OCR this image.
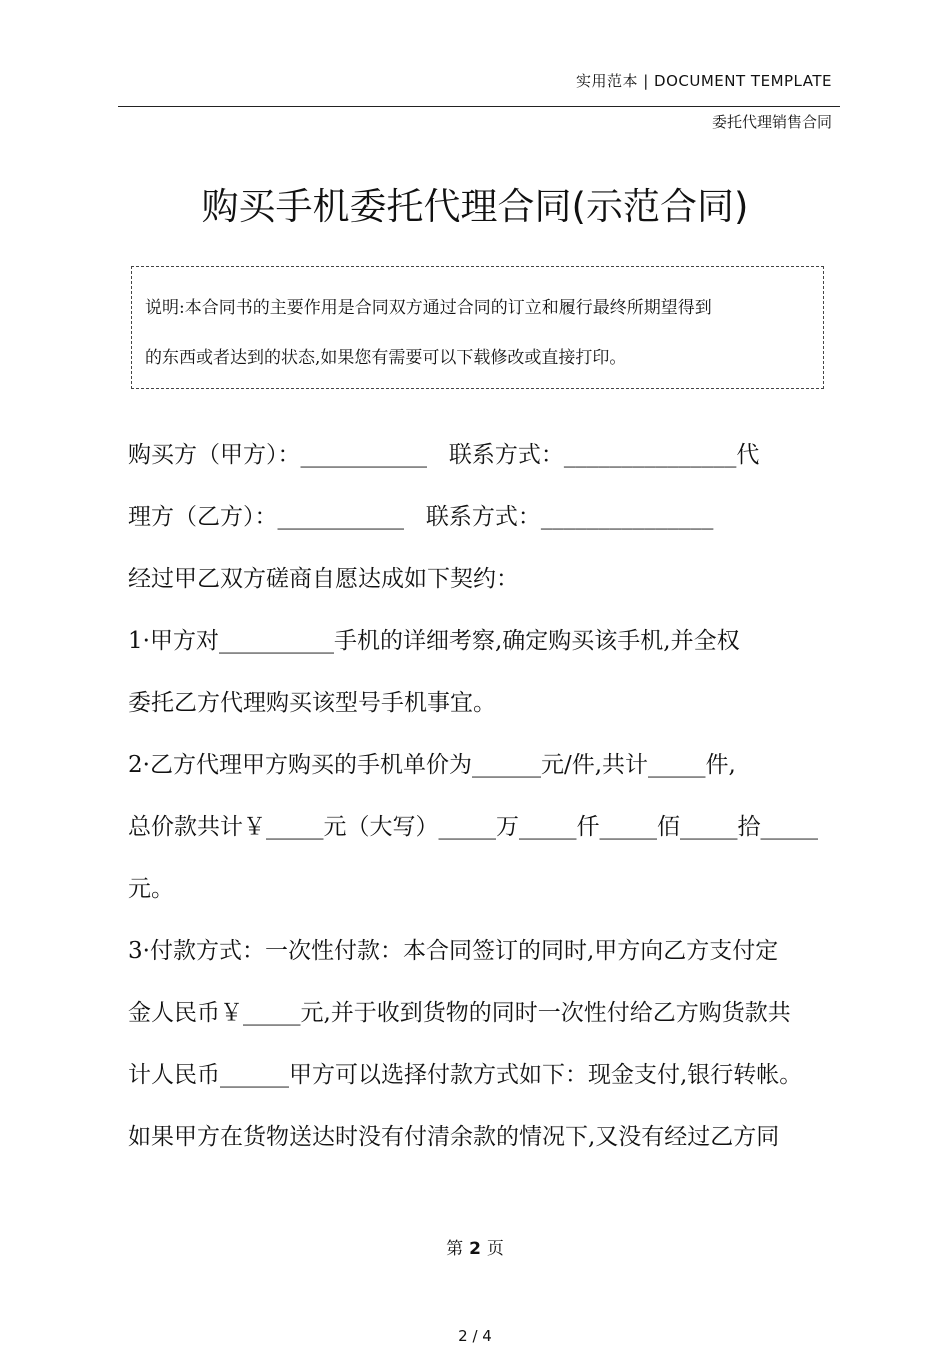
实用范本 | DOCUMENT TEMPLATE
委托代理销售合同
购买手机委托代理合同(示范合同)

说明:本合同书的主要作用是合同双方通过合同的订立和履行最终所期望得到

的东西或者达到的状态,如果您有需要可以下载修改或直接打印。

购买方（甲方）：___________   联系方式：_______________代
理方（乙方）：___________   联系方式：_______________
经过甲乙双方磋商自愿达成如下契约：
1·甲方对__________手机的详细考察,确定购买该手机,并全权
委托乙方代理购买该型号手机事宜。
2·乙方代理甲方购买的手机单价为______元/件,共计_____件,
总价款共计￥_____元（大写）_____万_____仟_____佰_____拾_____
元。
3·付款方式：一次性付款：本合同签订的同时,甲方向乙方支付定
金人民币￥_____元,并于收到货物的同时一次性付给乙方购货款共
计人民币______甲方可以选择付款方式如下：现金支付,银行转帐。
如果甲方在货物送达时没有付清余款的情况下,又没有经过乙方同
第 2 页
2 / 4
